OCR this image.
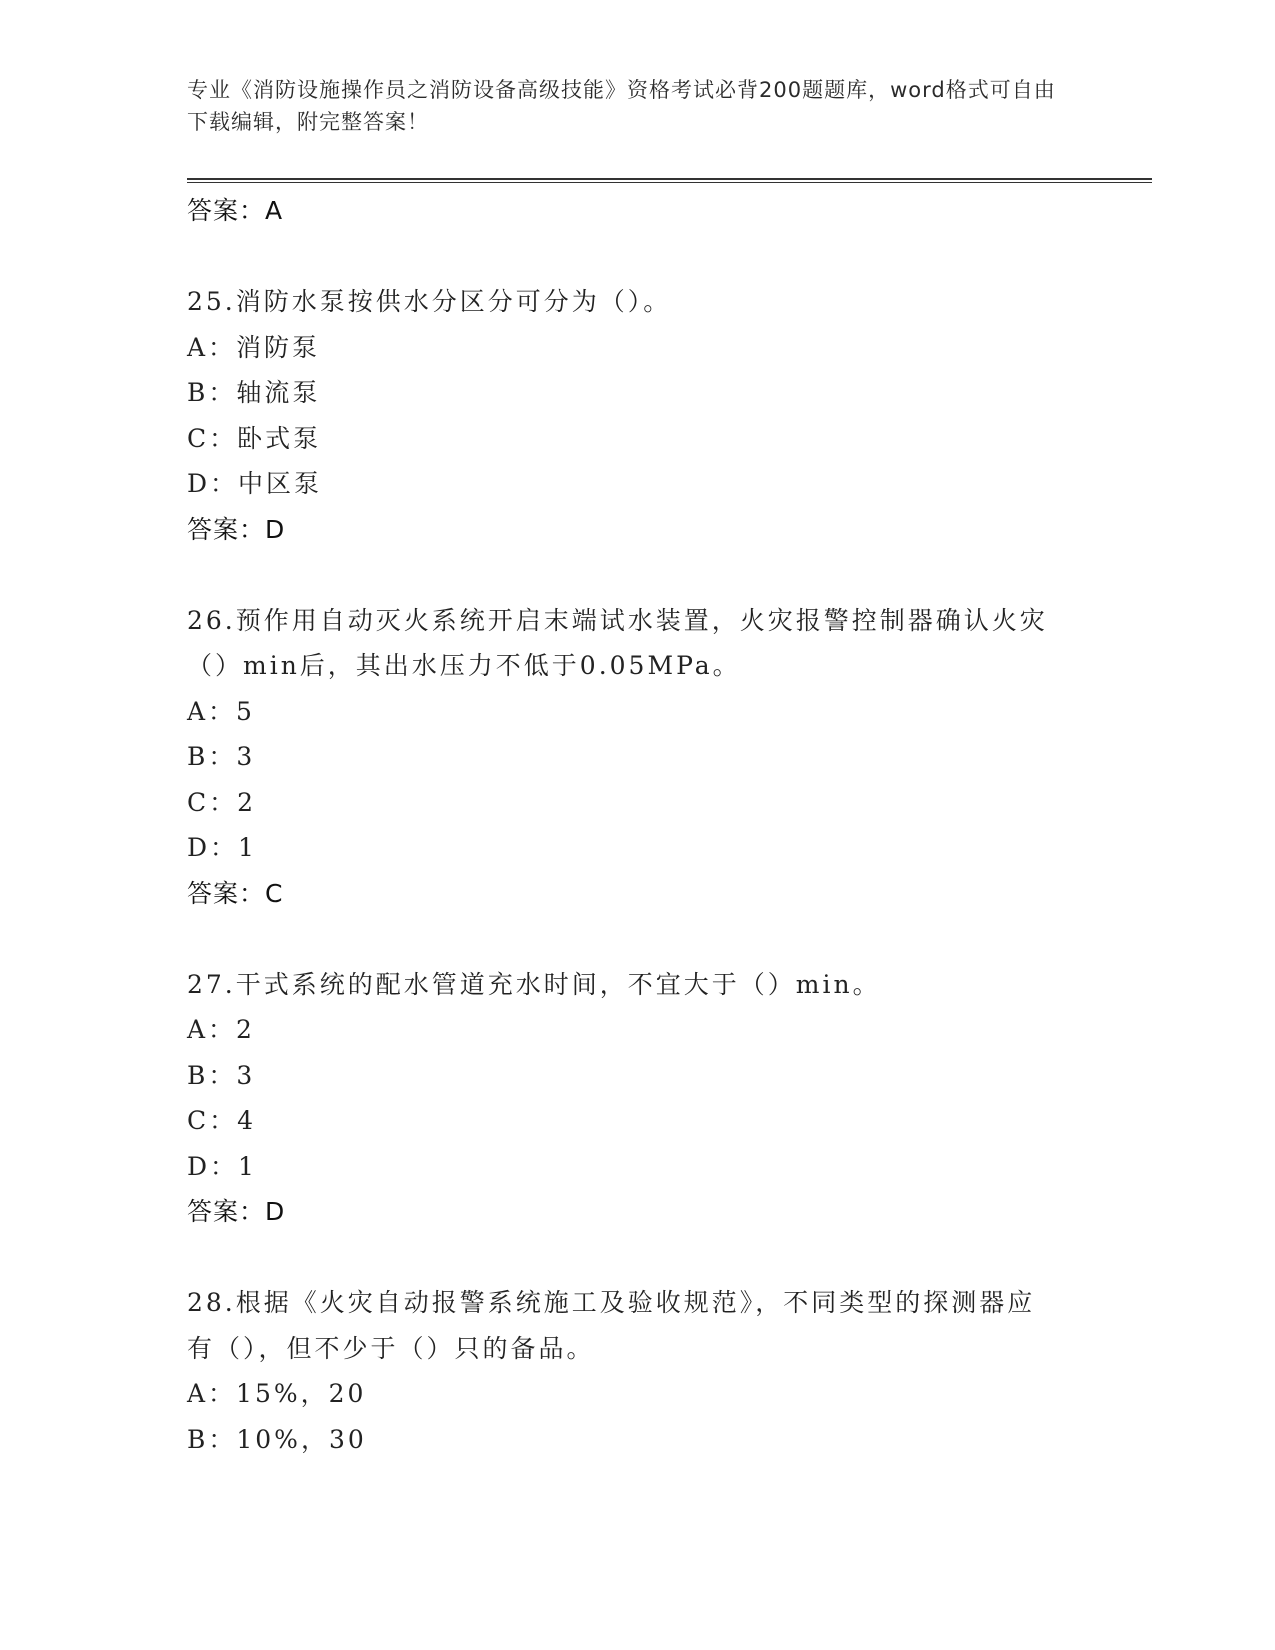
专业《消防设施操作员之消防设备高级技能》资格考试必背200题题库，word格式可自由下载编辑，附完整答案！
答案：A
25.消防水泵按供水分区分可分为（）。
A：消防泵
B：轴流泵
C：卧式泵
D：中区泵
答案：D
26.预作用自动灭火系统开启末端试水装置，火灾报警控制器确认火灾
（）min后，其出水压力不低于0.05MPa。
A：5
B：3
C：2
D：1
答案：C
27.干式系统的配水管道充水时间，不宜大于（）min。
A：2
B：3
C：4
D：1
答案：D
28.根据《火灾自动报警系统施工及验收规范》，不同类型的探测器应
有（），但不少于（）只的备品。
A：15%，20
B：10%，30
